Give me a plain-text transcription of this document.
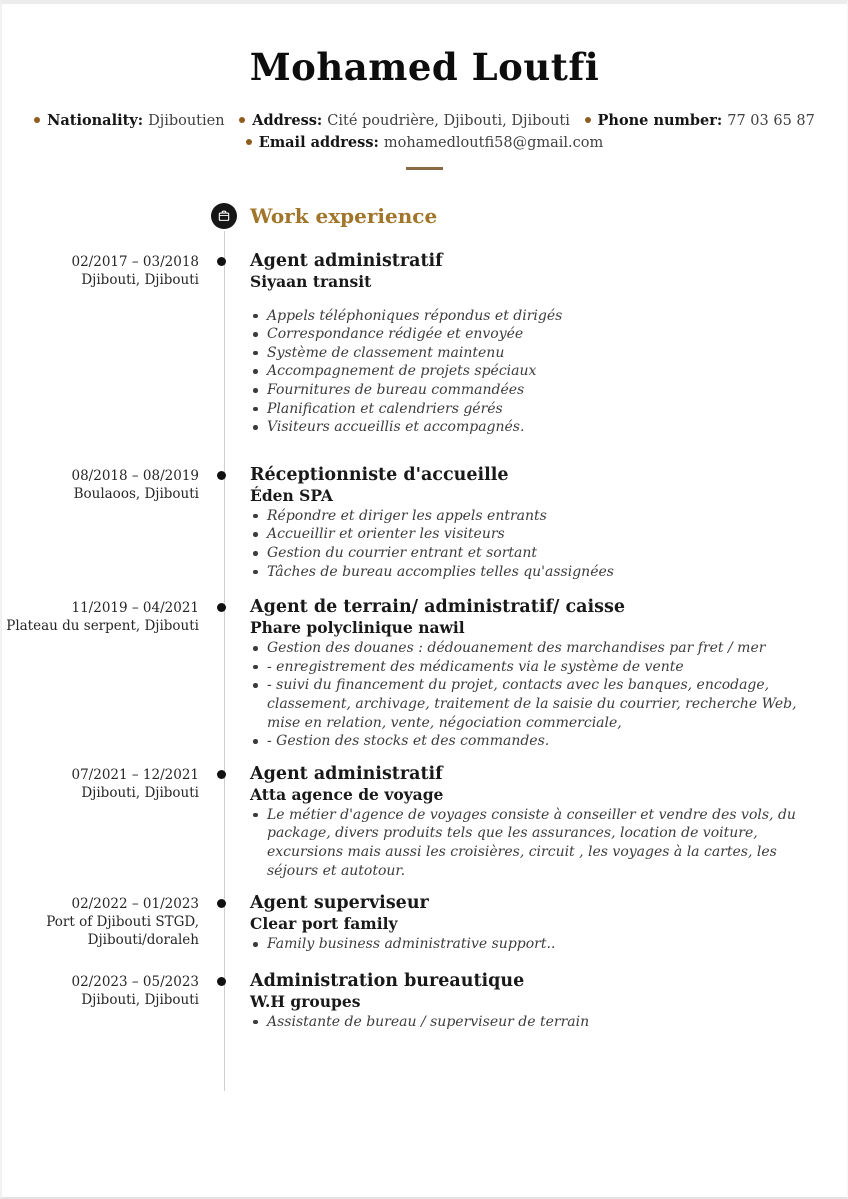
Mohamed Loutfi
Nationality: Djiboutien Address: Cité poudrière, Djibouti, Djibouti Phone number: 77 03 65 87
Email address: mohamedloutfi58@gmail.com
Work experience
02/2017 – 03/2018
Djibouti, Djibouti
Agent administratif
Siyaan transit
Appels téléphoniques répondus et dirigés
Correspondance rédigée et envoyée
Système de classement maintenu
Accompagnement de projets spéciaux
Fournitures de bureau commandées
Planification et calendriers gérés
Visiteurs accueillis et accompagnés.
08/2018 – 08/2019
Boulaoos, Djibouti
Réceptionniste d'accueille
Éden SPA
Répondre et diriger les appels entrants
Accueillir et orienter les visiteurs
Gestion du courrier entrant et sortant
Tâches de bureau accomplies telles qu'assignées
11/2019 – 04/2021
Plateau du serpent, Djibouti
Agent de terrain/ administratif/ caisse
Phare polyclinique nawil
Gestion des douanes : dédouanement des marchandises par fret / mer
- enregistrement des médicaments via le système de vente
- suivi du financement du projet, contacts avec les banques, encodage, classement, archivage, traitement de la saisie du courrier, recherche Web, mise en relation, vente, négociation commerciale,
- Gestion des stocks et des commandes.
07/2021 – 12/2021
Djibouti, Djibouti
Agent administratif
Atta agence de voyage
Le métier d'agence de voyages consiste à conseiller et vendre des vols, du package, divers produits tels que les assurances, location de voiture, excursions mais aussi les croisières, circuit , les voyages à la cartes, les séjours et autotour.
02/2022 – 01/2023
Port of Djibouti STGD, Djibouti/doraleh
Agent superviseur
Clear port family
Family business administrative support..
02/2023 – 05/2023
Djibouti, Djibouti
Administration bureautique
W.H groupes
Assistante de bureau / superviseur de terrain
